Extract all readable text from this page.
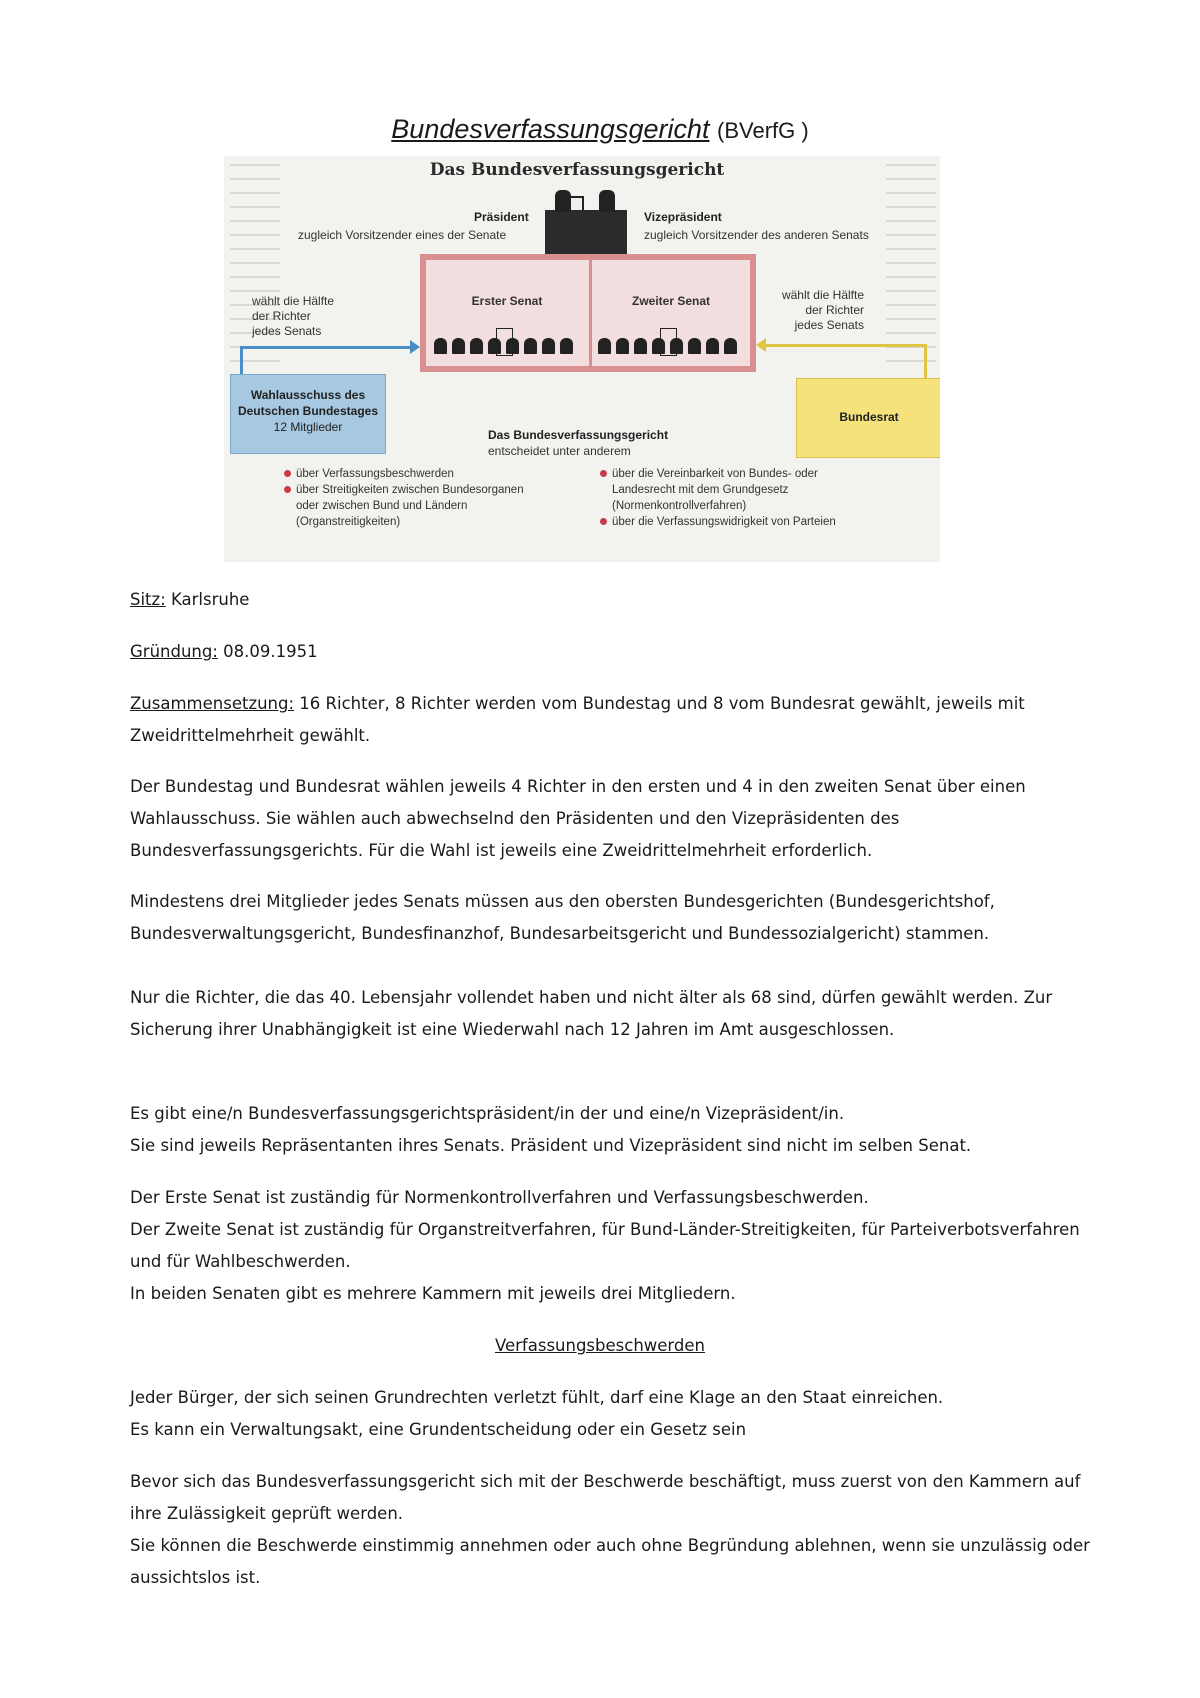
Bundesverfassungsgericht (BVerfG )
Das Bundesverfassungsgericht
Präsident
zugleich Vorsitzender eines der Senate
Vizepräsident
zugleich Vorsitzender des anderen Senats
Erster Senat	Zweiter Senat
wählt die Hälfte
der Richter
jedes Senats
wählt die Hälfte
der Richter
jedes Senats
Wahlausschuss des
Deutschen Bundestages
12 Mitglieder
Bundesrat
Das Bundesverfassungsgericht
entscheidet unter anderem
über Verfassungsbeschwerden
über Streitigkeiten zwischen Bundesorganen
oder zwischen Bund und Ländern
(Organstreitigkeiten)
über die Vereinbarkeit von Bundes- oder
Landesrecht mit dem Grundgesetz
(Normenkontrollverfahren)
über die Verfassungswidrigkeit von Parteien

Sitz: Karlsruhe

Gründung: 08.09.1951

Zusammensetzung: 16 Richter, 8 Richter werden vom Bundestag und 8 vom Bundesrat gewählt, jeweils mit Zweidrittelmehrheit gewählt.

Der Bundestag und Bundesrat wählen jeweils 4 Richter in den ersten und 4 in den zweiten Senat über einen Wahlausschuss. Sie wählen auch abwechselnd den Präsidenten und den Vizepräsidenten des Bundesverfassungsgerichts. Für die Wahl ist jeweils eine Zweidrittelmehrheit erforderlich.

Mindestens drei Mitglieder jedes Senats müssen aus den obersten Bundesgerichten (Bundesgerichtshof, Bundesverwaltungsgericht, Bundesfinanzhof, Bundesarbeitsgericht und Bundessozialgericht) stammen.

Nur die Richter, die das 40. Lebensjahr vollendet haben und nicht älter als 68 sind, dürfen gewählt werden. Zur Sicherung ihrer Unabhängigkeit ist eine Wiederwahl nach 12 Jahren im Amt ausgeschlossen.

Es gibt eine/n Bundesverfassungsgerichtspräsident/in der und eine/n Vizepräsident/in.

Sie sind jeweils Repräsentanten ihres Senats. Präsident und Vizepräsident sind nicht im selben Senat.

Der Erste Senat ist zuständig für Normenkontrollverfahren und Verfassungsbeschwerden.

Der Zweite Senat ist zuständig für Organstreitverfahren, für Bund-Länder-Streitigkeiten, für Parteiverbotsverfahren und für Wahlbeschwerden.

In beiden Senaten gibt es mehrere Kammern mit jeweils drei Mitgliedern.

Verfassungsbeschwerden

Jeder Bürger, der sich seinen Grundrechten verletzt fühlt, darf eine Klage an den Staat einreichen.

Es kann ein Verwaltungsakt, eine Grundentscheidung oder ein Gesetz sein

Bevor sich das Bundesverfassungsgericht sich mit der Beschwerde beschäftigt, muss zuerst von den Kammern auf ihre Zulässigkeit geprüft werden.

Sie können die Beschwerde einstimmig annehmen oder auch ohne Begründung ablehnen, wenn sie unzulässig oder aussichtslos ist.
